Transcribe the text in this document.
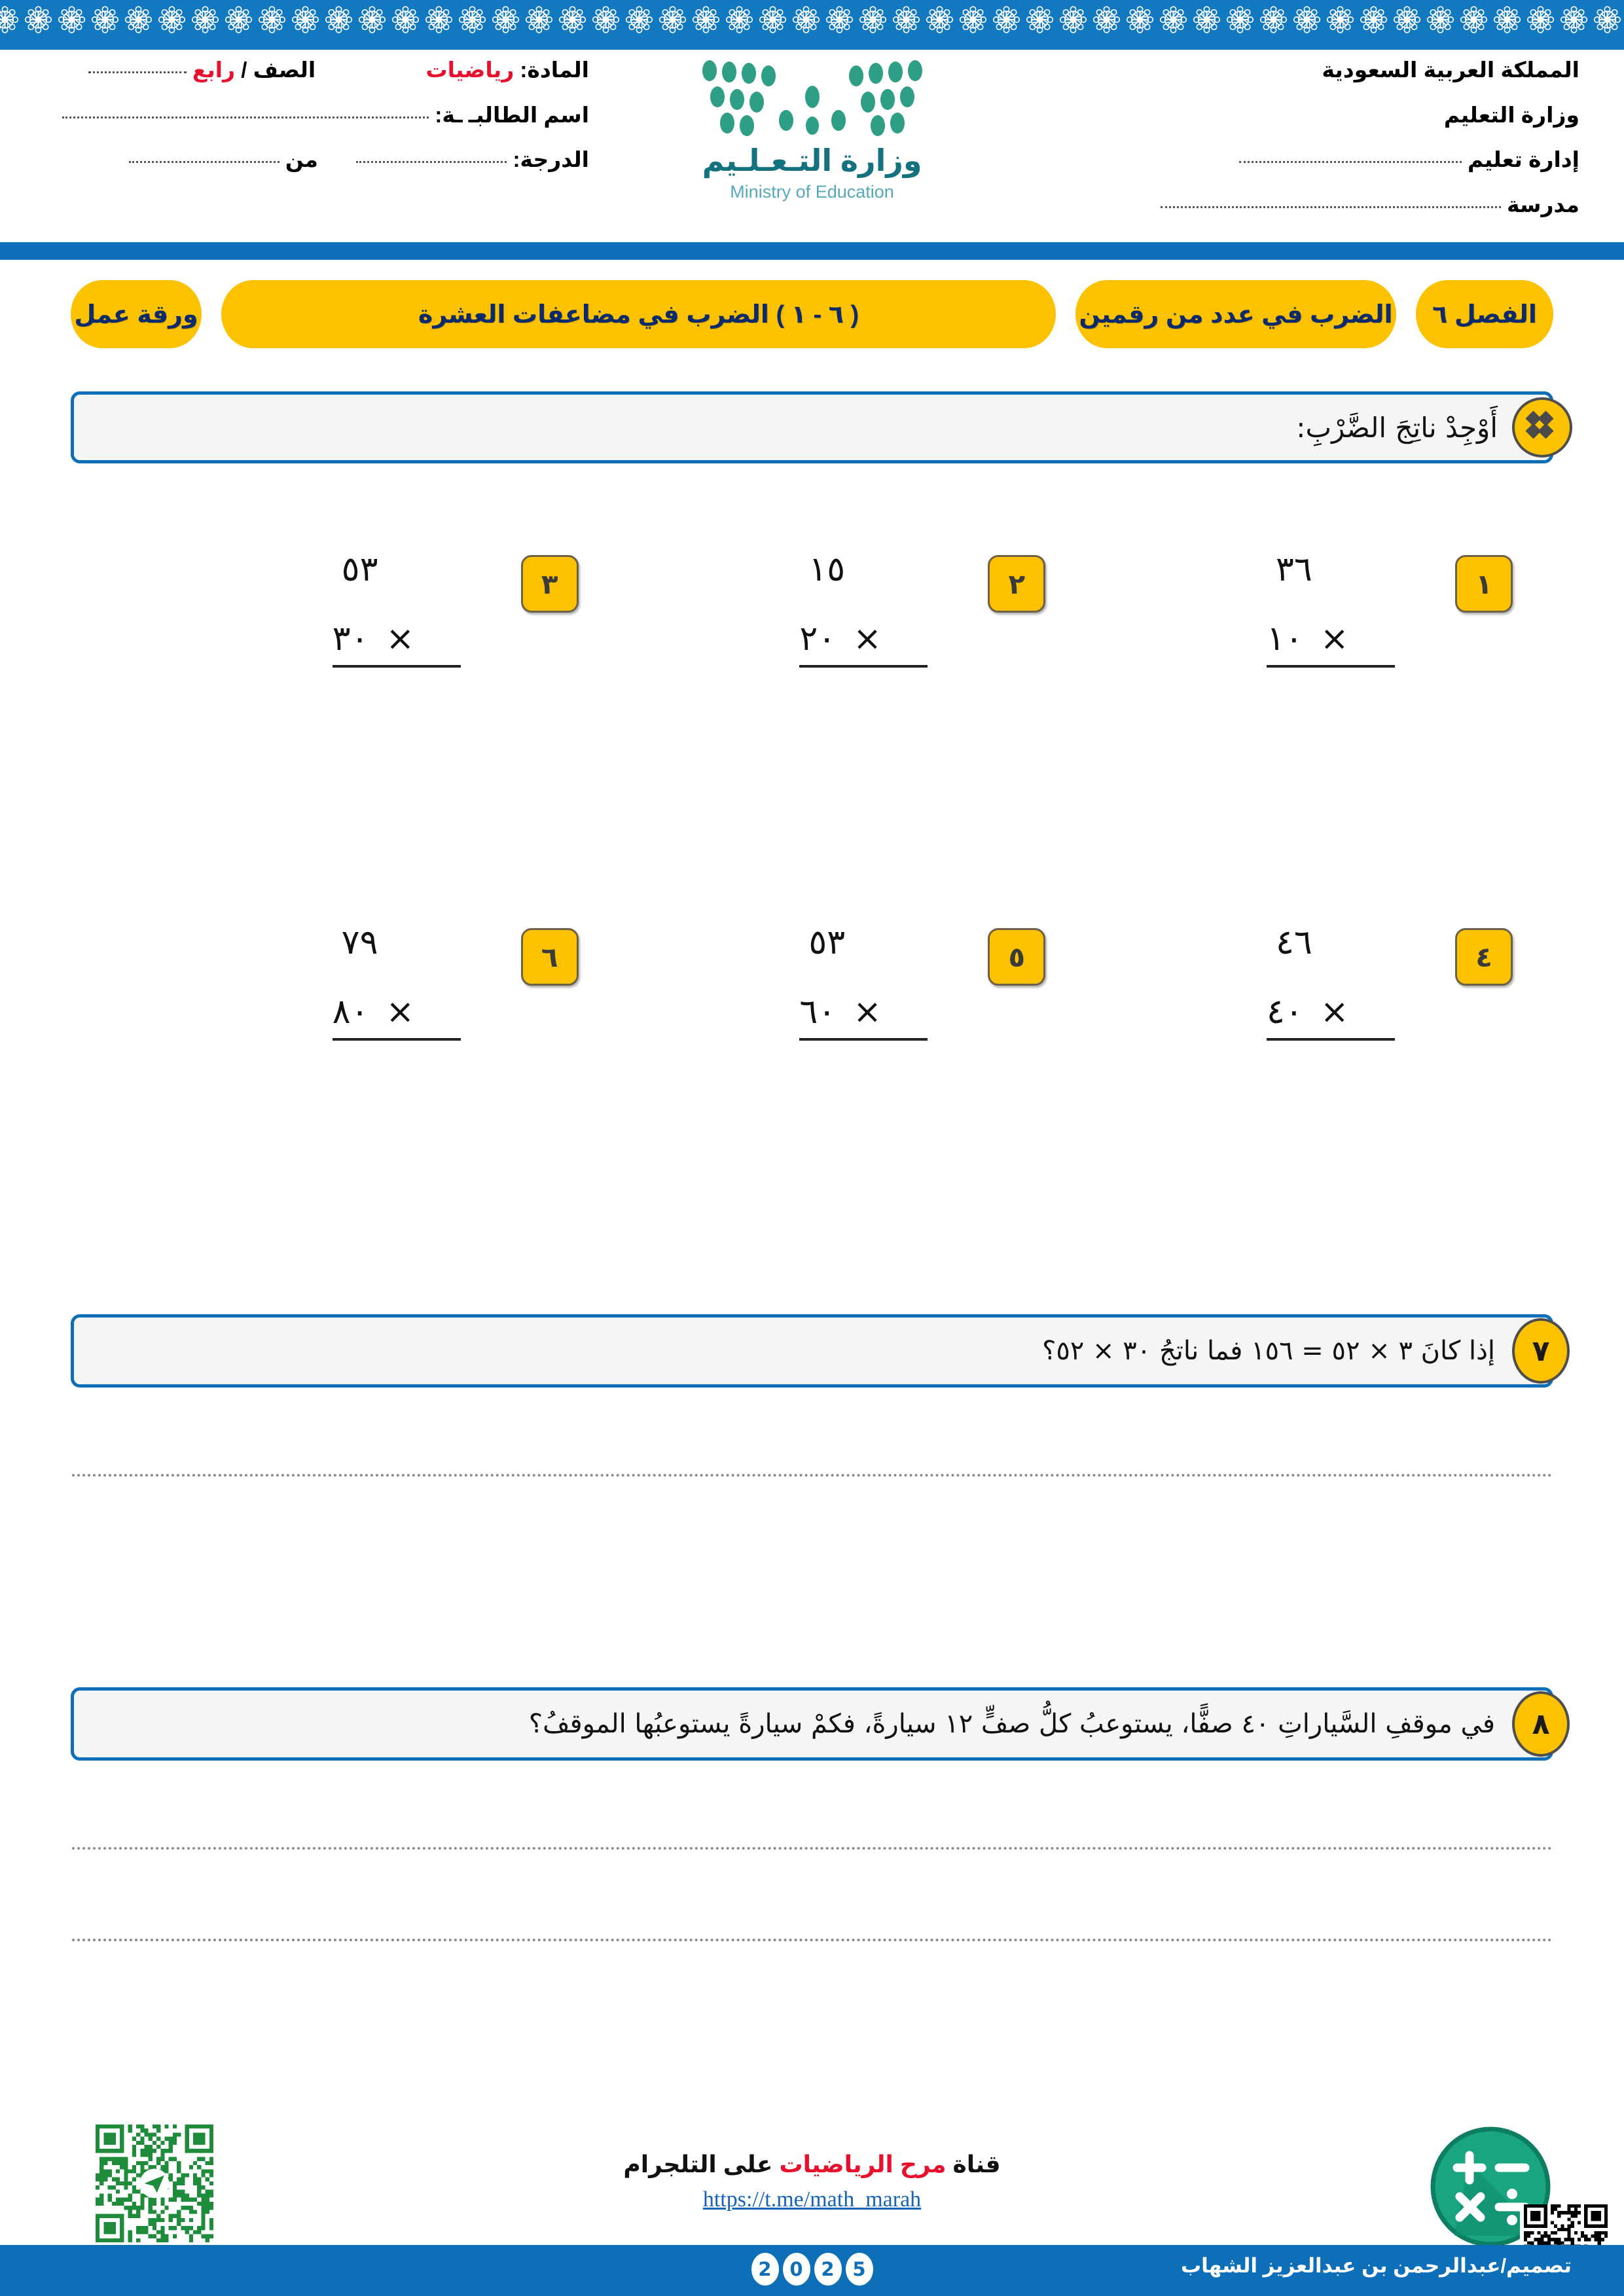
المملكة العربية السعودية
وزارة التعليم
إدارة تعليم
مدرسة
وزارة التـعـلـيم
Ministry of Education
المادة: رياضيات  الصف / رابع
اسم الطالبـ ـة:
الدرجة:   من
الفصل ٦
الضرب في عدد من رقمين
( ٦ - ١ ) الضرب في مضاعفات العشرة
ورقة عمل
أَوْجِدْ ناتِجَ الضَّرْبِ:
١
٣٦
×١٠
٢
١٥
×٢٠
٣
٥٣
×٣٠
٤
٤٦
×٤٠
٥
٥٣
×٦٠
٦
٧٩
×٨٠
٧
إذا كانَ ٣ × ٥٢ = ١٥٦ فما ناتجُ ٣٠ × ٥٢؟
٨
في موقفِ السَّياراتِ ٤٠ صفًّا، يستوعبُ كلُّ صفٍّ ١٢ سيارةً، فكمْ سيارةً يستوعبُها الموقفُ؟
قناة مرح الرياضيات على التلجرام
https://t.me/math_marah
تصميم/عبدالرحمن بن عبدالعزيز الشهاب
2 0 2 5
